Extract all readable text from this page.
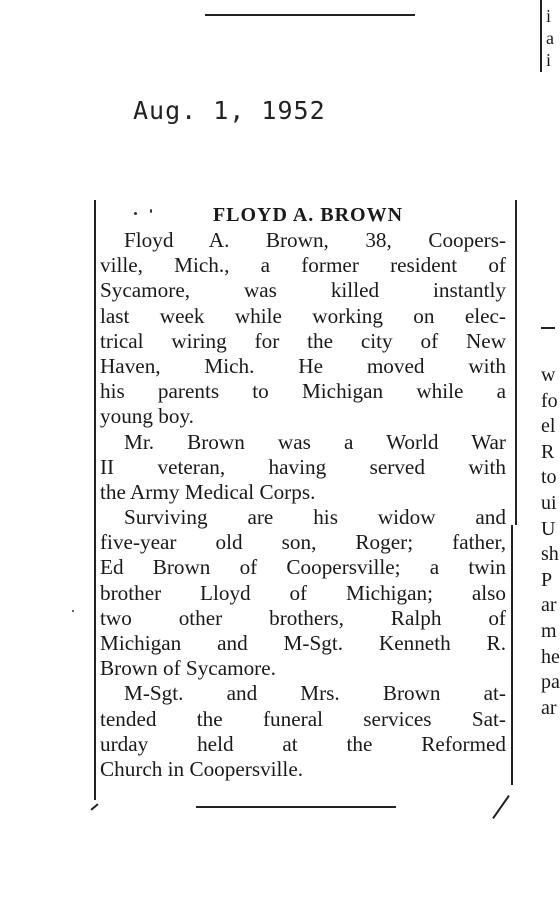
i
a
i
Aug. 1, 1952
FLOYD A. BROWN
Floyd A. Brown, 38, Coopers-
ville, Mich., a former resident of
Sycamore, was killed instantly
last week while working on elec-
trical wiring for the city of New
Haven, Mich. He moved with
his parents to Michigan while a
young boy.
Mr. Brown was a World War
II veteran, having served with
the Army Medical Corps.
Surviving are his widow and
five-year old son, Roger; father,
Ed Brown of Coopersville; a twin
brother Lloyd of Michigan; also
two other brothers, Ralph of
Michigan and M-Sgt. Kenneth R.
Brown of Sycamore.
M-Sgt. and Mrs. Brown at-
tended the funeral services Sat-
urday held at the Reformed
Church in Coopersville.
w
fo
el
R
to
ui
U
sh
P
ar
m
he
pa
ar
